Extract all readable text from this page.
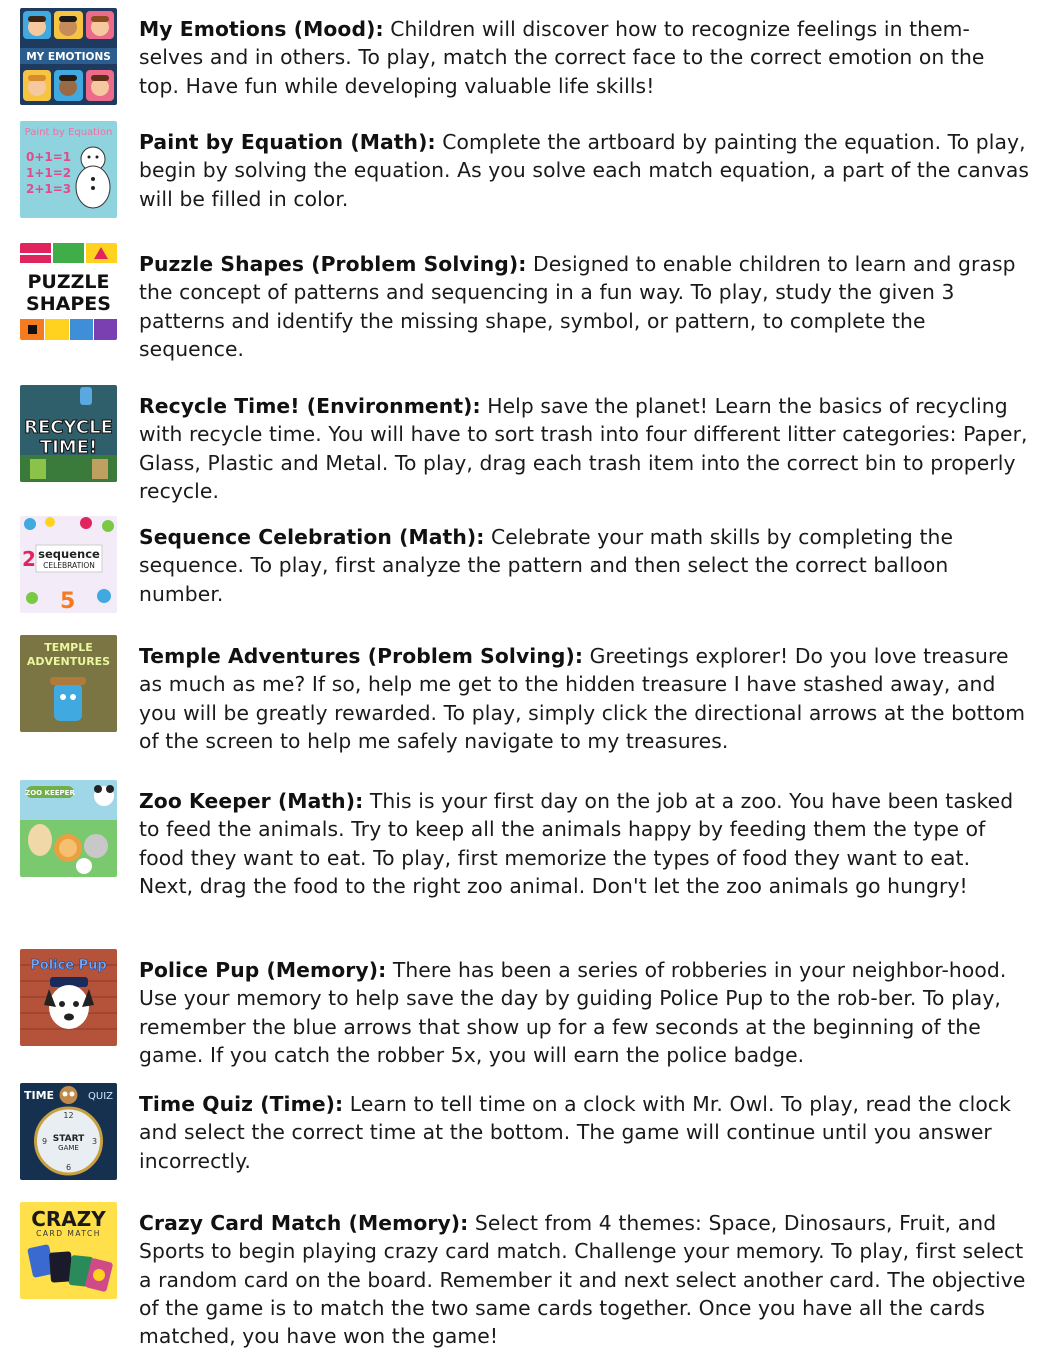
MY EMOTIONS

My Emotions (Mood): Children will discover how to recognize feelings in them-selves and in others. To play, match the correct face to the correct emotion on the top. Have fun while developing valuable life skills!

Paint by Equation
0+1=1
1+1=2
2+1=3

Paint by Equation (Math): Complete the artboard by painting the equation. To play, begin by solving the equation. As you solve each match equation, a part of the canvas will be filled in color.

PUZZLE
SHAPES

Puzzle Shapes (Problem Solving): Designed to enable children to learn and grasp the concept of patterns and sequencing in a fun way. To play, study the given 3 patterns and identify the missing shape, symbol, or pattern, to complete the sequence.

RECYCLE
TIME!

Recycle Time! (Environment): Help save the planet! Learn the basics of recycling with recycle time. You will have to sort trash into four different litter categories: Paper, Glass, Plastic and Metal. To play, drag each trash item into the correct bin to properly recycle.

2 sequence
CELEBRATION
5

Sequence Celebration (Math): Celebrate your math skills by completing the sequence. To play, first analyze the pattern and then select the correct balloon number.

TEMPLE
ADVENTURES Temple Adventures (Problem Solving): Greetings explorer! Do you love treasure as much as me? If so, help me get to the hidden treasure I have stashed away, and you will be greatly rewarded. To play, simply click the directional arrows at the bottom of the screen to help me safely navigate to my treasures.

ZOO KEEPER	Zoo Keeper (Math): This is your first day on the job at a zoo. You have been tasked to feed the animals. Try to keep all the animals happy by feeding them the type of food they want to eat. To play, first memorize the types of food they want to eat. Next, drag the food to the right zoo animal. Don't let the zoo animals go hungry!

Police Pup Police Pup (Memory): There has been a series of robberies in your neighbor-hood. Use your memory to help save the day by guiding Police Pup to the rob-ber. To play, remember the blue arrows that show up for a few seconds at the beginning of the game. If you catch the robber 5x, you will earn the police badge.

TIME	QUIZ
START
GAME
12
9	3
6

Time Quiz (Time): Learn to tell time on a clock with Mr. Owl. To play, read the clock and select the correct time at the bottom. The game will continue until you answer incorrectly.

CRAZY
CARD MATCH Crazy Card Match (Memory): Select from 4 themes: Space, Dinosaurs, Fruit, and Sports to begin playing crazy card match. Challenge your memory. To play, first select a random card on the board. Remember it and next select another card. The objective of the game is to match the two same cards together. Once you have all the cards matched, you have won the game!
